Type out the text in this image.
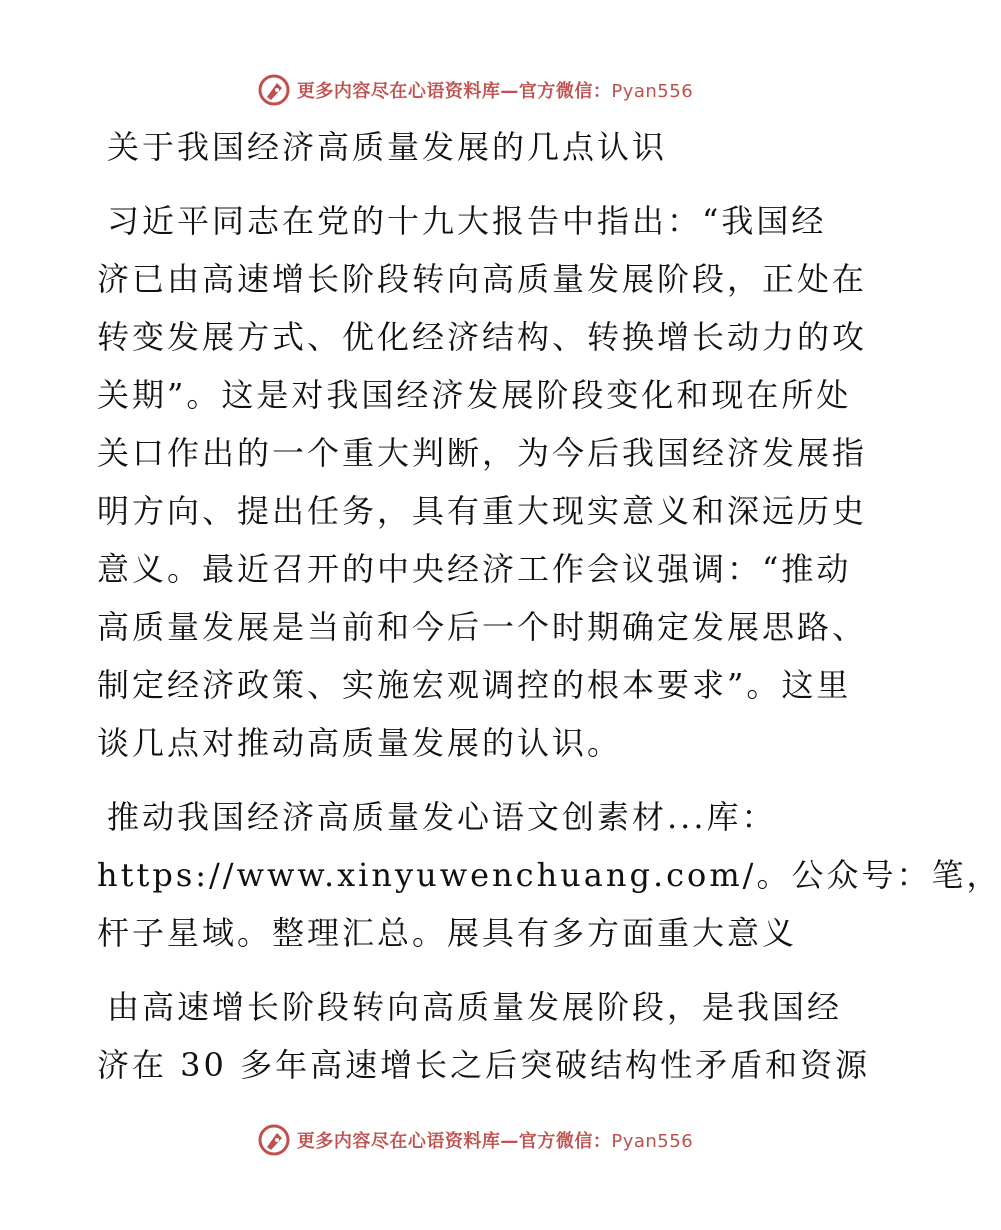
更多内容尽在心语资料库—官方微信：Pyan556
关于我国经济高质量发展的几点认识
习近平同志在党的十九大报告中指出：“我国经
济已由高速增长阶段转向高质量发展阶段，正处在
转变发展方式、优化经济结构、转换增长动力的攻
关期”。这是对我国经济发展阶段变化和现在所处
关口作出的一个重大判断，为今后我国经济发展指
明方向、提出任务，具有重大现实意义和深远历史
意义。最近召开的中央经济工作会议强调：“推动
高质量发展是当前和今后一个时期确定发展思路、
制定经济政策、实施宏观调控的根本要求”。这里
谈几点对推动高质量发展的认识。
推动我国经济高质量发心语文创素材...库：
https://www.xinyuwenchuang.com/。公众号：笔，
杆子星域。整理汇总。展具有多方面重大意义
由高速增长阶段转向高质量发展阶段，是我国经
济在 30 多年高速增长之后突破结构性矛盾和资源
更多内容尽在心语资料库—官方微信：Pyan556
